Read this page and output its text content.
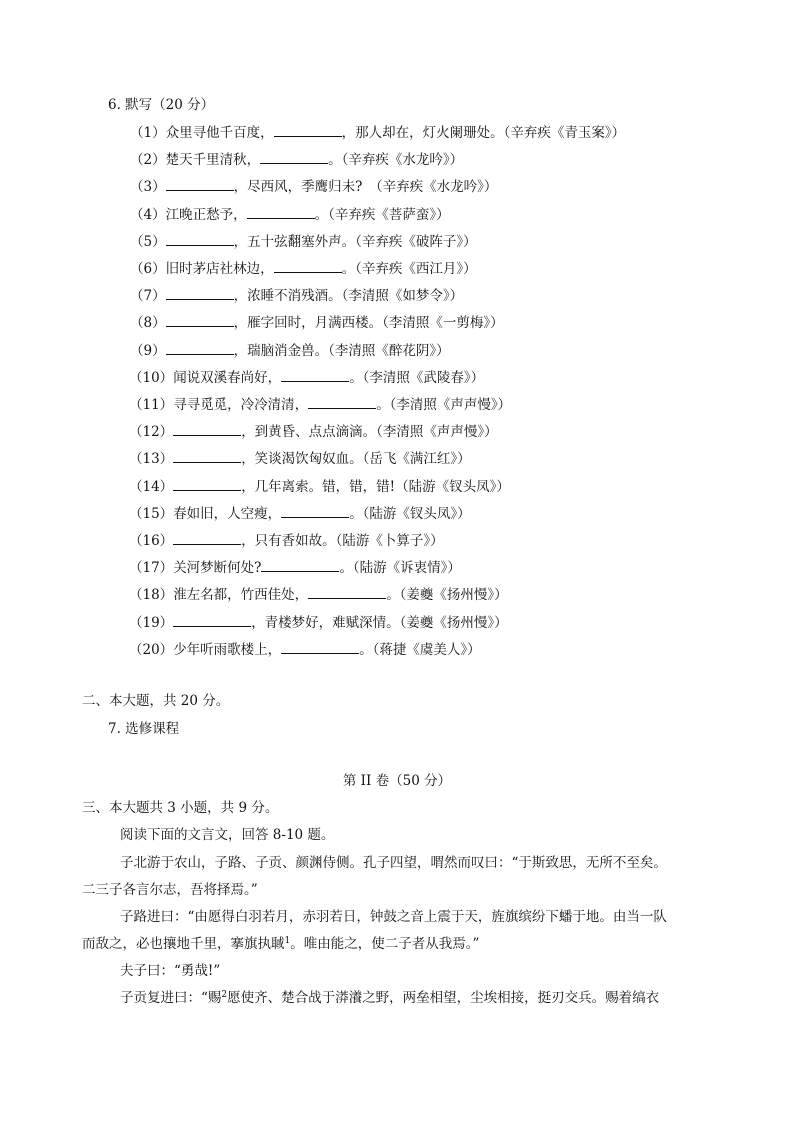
6. 默写（20 分）
（1）众里寻他千百度，	，那人却在，灯火阑珊处。（辛弃疾《青玉案》）
（2）楚天千里清秋，	。（辛弃疾《水龙吟》）
（3）	，尽西风，季鹰归未?　（辛弃疾《水龙吟》）
（4）江晚正愁予，	。（辛弃疾《菩萨蛮》）
（5）	，五十弦翻塞外声。（辛弃疾《破阵子》）
（6）旧时茅店社林边，	。（辛弃疾《西江月》）
（7）	，浓睡不消残酒。（李清照《如梦令》）
（8）	，雁字回时，月满西楼。（李清照《一剪梅》）
（9）	，瑞脑消金兽。（李清照《醉花阴》）
（10）闻说双溪春尚好，	。（李清照《武陵春》）
（11）寻寻觅觅，冷冷清清，	。（李清照《声声慢》）
（12）	，到黄昏、点点滴滴。（李清照《声声慢》）
（13）	，笑谈渴饮匈奴血。（岳飞《满江红》）
（14）	，几年离索。错，错，错!（陆游《钗头凤》）
（15）春如旧，人空瘦，	。（陆游《钗头凤》）
（16）	，只有香如故。（陆游《卜算子》）
（17）关河梦断何处?	。（陆游《诉衷情》）
（18）淮左名都，竹西佳处，	。（姜夔《扬州慢》）
（19）	，青楼梦好，难赋深情。（姜夔《扬州慢》）
（20）少年听雨歌楼上，	。（蒋捷《虞美人》）
二、本大题，共 20 分。
7. 选修课程
第 II 卷（50 分）
三、本大题共 3 小题，共 9 分。
阅读下面的文言文，回答 8-10 题。
子北游于农山，子路、子贡、颜渊侍侧。孔子四望，喟然而叹曰：“于斯致思，无所不至矣。
二三子各言尔志，吾将择焉。”
子路进曰：“由愿得白羽若月，赤羽若日，钟鼓之音上震于天，旌旗缤纷下蟠于地。由当一队
而敌之，必也攘地千里，搴旗执聝$^1$。唯由能之，使二子者从我焉。”
夫子曰：“勇哉!”
子贡复进曰：“赐$^2$愿使齐、楚合战于漭瀁之野，两垒相望，尘埃相接，挺刃交兵。赐着缟衣
